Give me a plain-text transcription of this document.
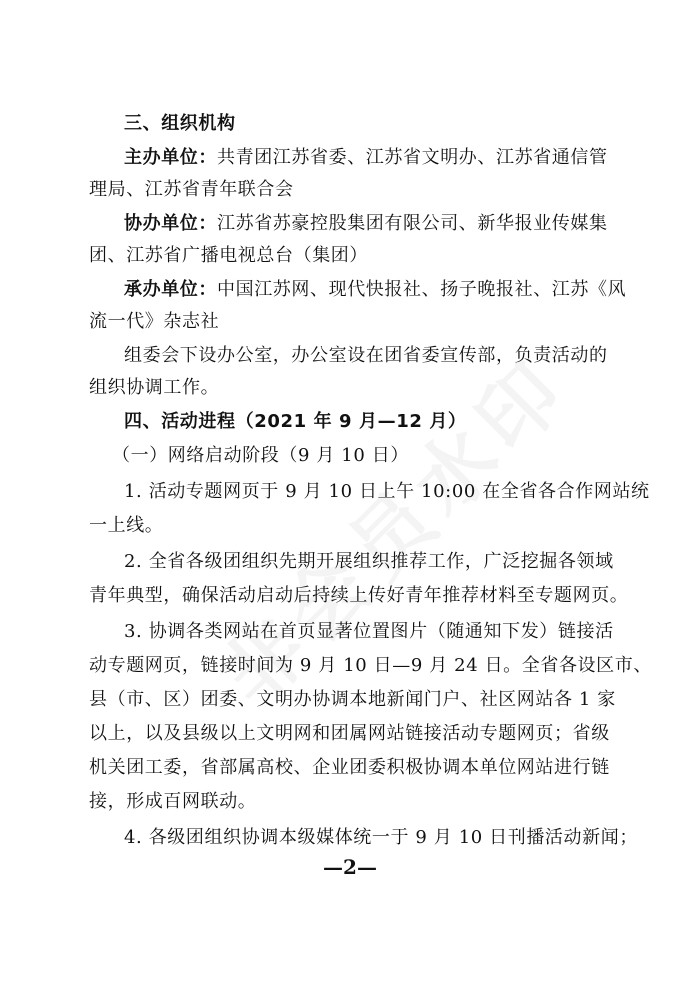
三、组织机构
主办单位：共青团江苏省委、江苏省文明办、江苏省通信管
理局、江苏省青年联合会
协办单位：江苏省苏豪控股集团有限公司、新华报业传媒集
团、江苏省广播电视总台（集团）
承办单位：中国江苏网、现代快报社、扬子晚报社、江苏《风
流一代》杂志社
组委会下设办公室，办公室设在团省委宣传部，负责活动的
组织协调工作。
四、活动进程（2021 年 9 月—12 月）
（一）网络启动阶段（9 月 10 日）
1. 活动专题网页于 9 月 10 日上午 10:00 在全省各合作网站统
一上线。
2. 全省各级团组织先期开展组织推荐工作，广泛挖掘各领域
青年典型，确保活动启动后持续上传好青年推荐材料至专题网页。
3. 协调各类网站在首页显著位置图片（随通知下发）链接活
动专题网页，链接时间为 9 月 10 日—9 月 24 日。全省各设区市、
县（市、区）团委、文明办协调本地新闻门户、社区网站各 1 家
以上，以及县级以上文明网和团属网站链接活动专题网页；省级
机关团工委，省部属高校、企业团委积极协调本单位网站进行链
接，形成百网联动。
4. 各级团组织协调本级媒体统一于 9 月 10 日刊播活动新闻；
—2—
